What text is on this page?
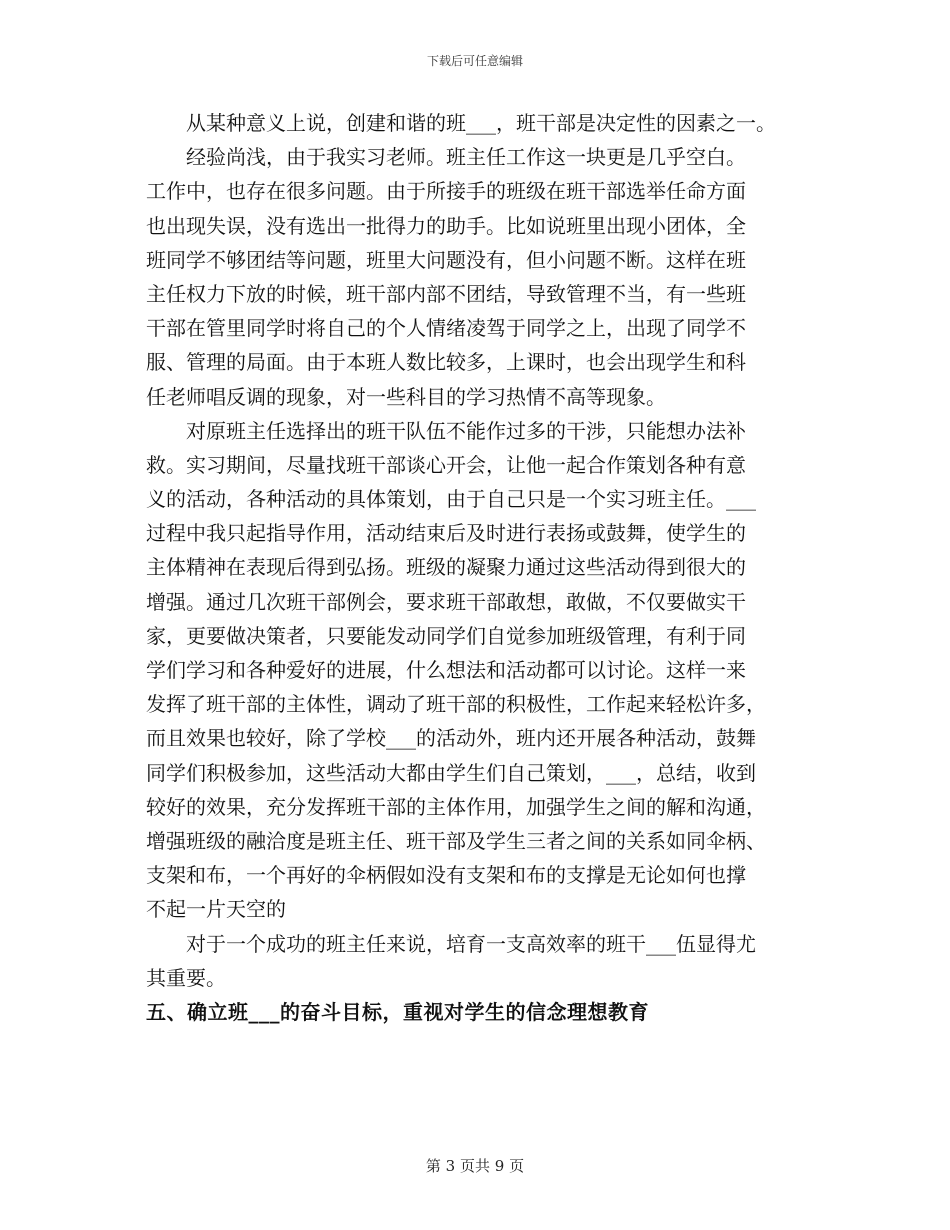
下载后可任意编辑
从某种意义上说，创建和谐的班___，班干部是决定性的因素之一。
经验尚浅，由于我实习老师。班主任工作这一块更是几乎空白。
工作中，也存在很多问题。由于所接手的班级在班干部选举任命方面
也出现失误，没有选出一批得力的助手。比如说班里出现小团体，全
班同学不够团结等问题，班里大问题没有，但小问题不断。这样在班
主任权力下放的时候，班干部内部不团结，导致管理不当，有一些班
干部在管里同学时将自己的个人情绪凌驾于同学之上，出现了同学不
服、管理的局面。由于本班人数比较多，上课时，也会出现学生和科
任老师唱反调的现象，对一些科目的学习热情不高等现象。
对原班主任选择出的班干队伍不能作过多的干涉，只能想办法补
救。实习期间，尽量找班干部谈心开会，让他一起合作策划各种有意
义的活动，各种活动的具体策划，由于自己只是一个实习班主任。___
过程中我只起指导作用，活动结束后及时进行表扬或鼓舞，使学生的
主体精神在表现后得到弘扬。班级的凝聚力通过这些活动得到很大的
增强。通过几次班干部例会，要求班干部敢想，敢做，不仅要做实干
家，更要做决策者，只要能发动同学们自觉参加班级管理，有利于同
学们学习和各种爱好的进展，什么想法和活动都可以讨论。这样一来
发挥了班干部的主体性，调动了班干部的积极性，工作起来轻松许多，
而且效果也较好，除了学校___的活动外，班内还开展各种活动，鼓舞
同学们积极参加，这些活动大都由学生们自己策划，___，总结，收到
较好的效果，充分发挥班干部的主体作用，加强学生之间的解和沟通，
增强班级的融洽度是班主任、班干部及学生三者之间的关系如同伞柄、
支架和布，一个再好的伞柄假如没有支架和布的支撑是无论如何也撑
不起一片天空的
对于一个成功的班主任来说，培育一支高效率的班干___伍显得尤
其重要。
五、确立班___的奋斗目标，重视对学生的信念理想教育
第 3 页共 9 页
